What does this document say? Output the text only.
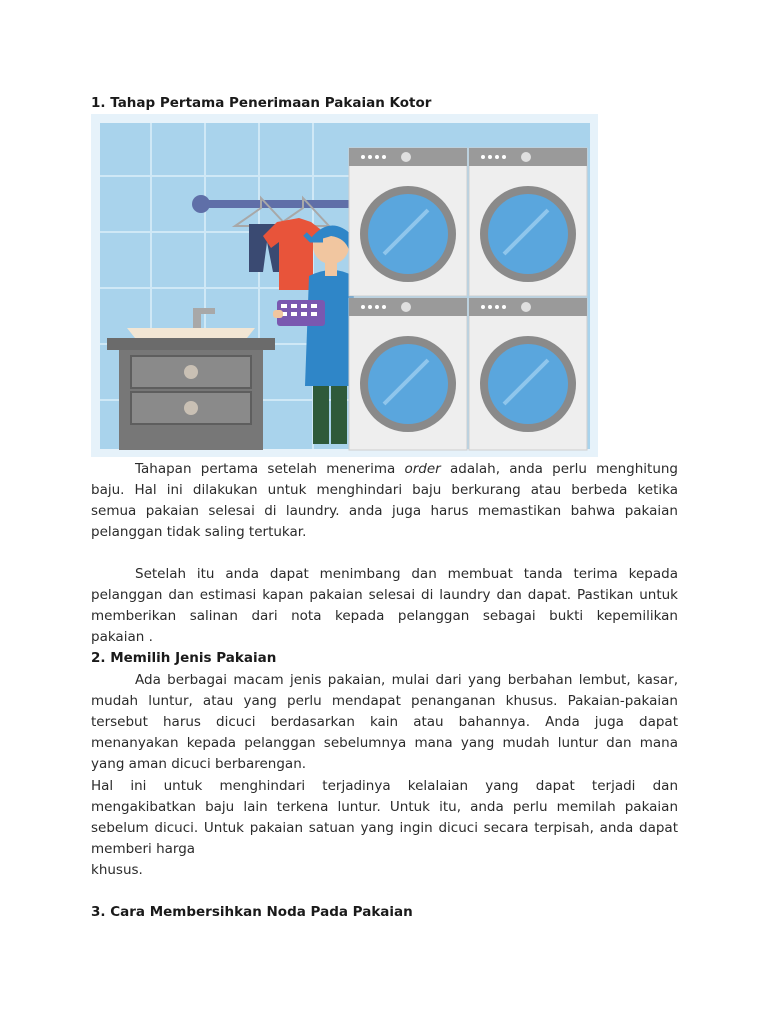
1. Tahap Pertama Penerimaan Pakaian Kotor
Tahapan pertama setelah menerima order adalah, anda perlu menghitung
baju. Hal ini dilakukan untuk menghindari baju berkurang atau berbeda ketika
semua pakaian selesai di laundry. anda juga harus memastikan bahwa pakaian
pelanggan tidak saling tertukar.
Setelah itu anda dapat menimbang dan membuat tanda terima kepada
pelanggan dan estimasi kapan pakaian selesai di laundry dan dapat. Pastikan untuk
memberikan salinan dari nota kepada pelanggan sebagai bukti kepemilikan
pakaian .
2. Memilih Jenis Pakaian
Ada berbagai macam jenis pakaian, mulai dari yang berbahan lembut, kasar,
mudah luntur, atau yang perlu mendapat penanganan khusus. Pakaian-pakaian
tersebut harus dicuci berdasarkan kain atau bahannya. Anda juga dapat
menanyakan kepada pelanggan sebelumnya mana yang mudah luntur dan mana
yang aman dicuci berbarengan.
Hal ini untuk menghindari terjadinya kelalaian yang dapat terjadi dan
mengakibatkan baju lain terkena luntur. Untuk itu, anda perlu memilah pakaian
sebelum dicuci. Untuk pakaian satuan yang ingin dicuci secara terpisah, anda dapat
memberi harga
khusus.
3. Cara Membersihkan Noda Pada Pakaian
